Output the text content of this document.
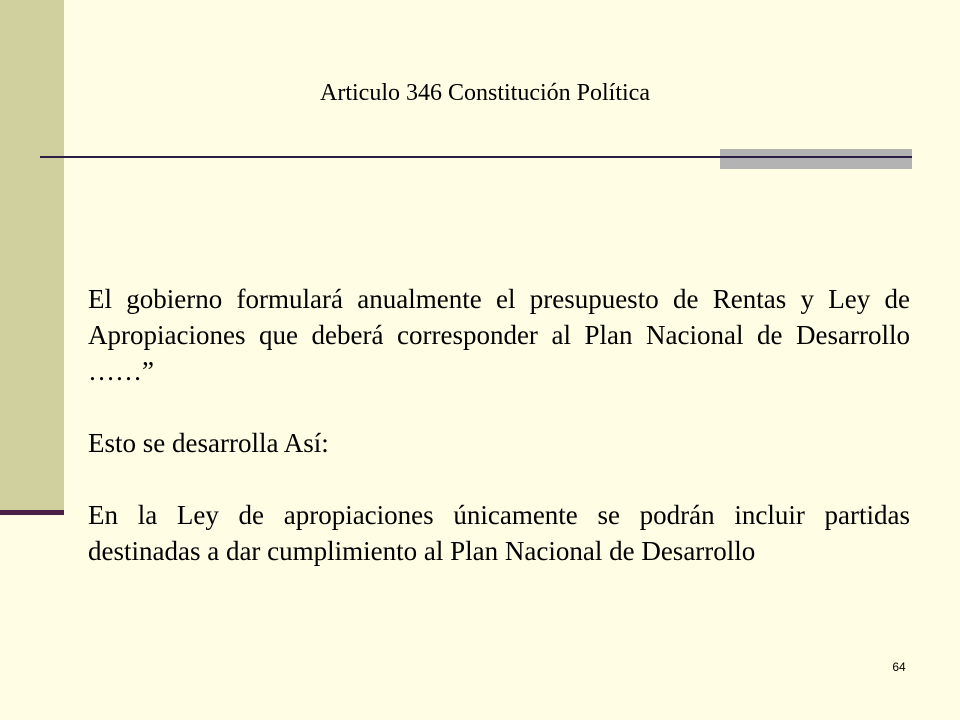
Articulo 346 Constitución Política

El gobierno formulará anualmente el presupuesto de Rentas y Ley de Apropiaciones que deberá corresponder al Plan Nacional de Desarrollo ……”

Esto se desarrolla Así:

En la Ley de apropiaciones únicamente se podrán incluir partidas destinadas a dar cumplimiento al Plan Nacional de Desarrollo

64
